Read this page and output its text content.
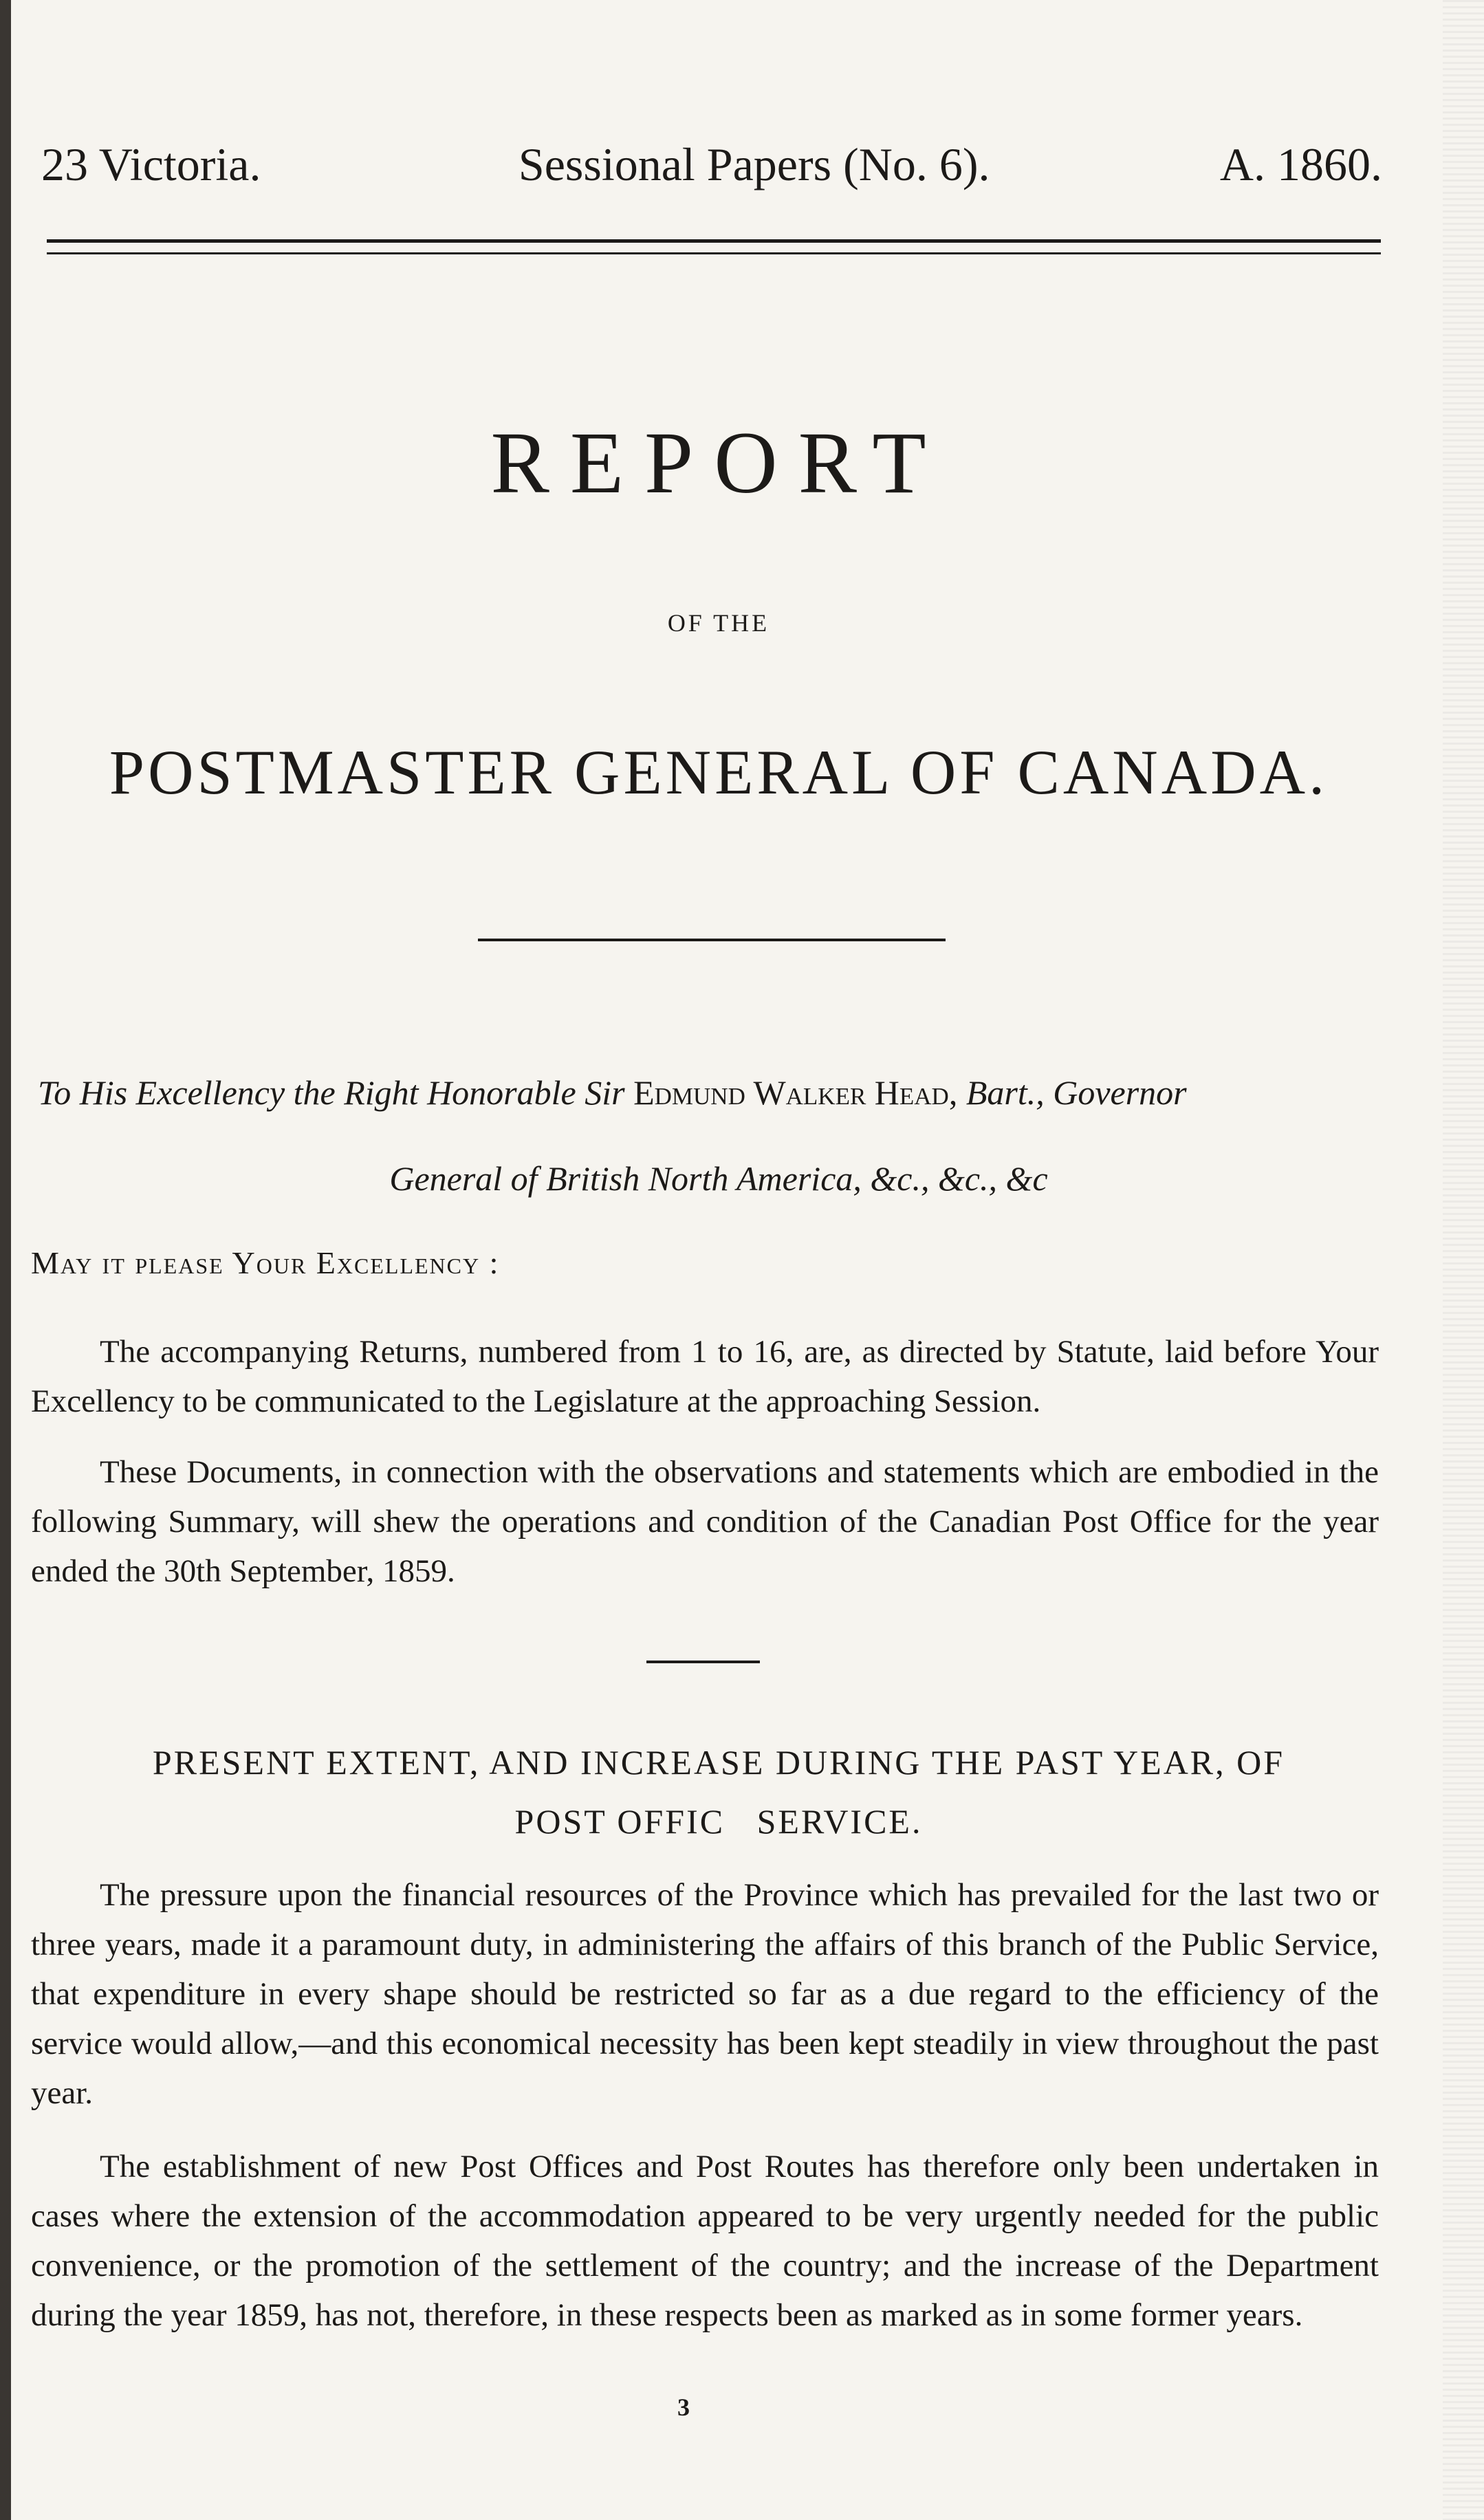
23 Victoria.	Sessional Papers (No. 6).	A. 1860.
REPORT
OF THE
POSTMASTER GENERAL OF CANADA.
To His Excellency the Right Honorable Sir Edmund Walker Head, Bart., Governor
General of British North America, &c., &c., &c
May it please Your Excellency :
The accompanying Returns, numbered from 1 to 16, are, as directed by Statute, laid before Your Excellency to be communicated to the Legislature at the approaching Session.
These Documents, in connection with the observations and statements which are embodied in the following Summary, will shew the operations and condition of the Canadian Post Office for the year ended the 30th September, 1859.
PRESENT EXTENT, AND INCREASE DURING THE PAST YEAR, OF
POST OFFIC   SERVICE.
The pressure upon the financial resources of the Province which has prevailed for the last two or three years, made it a paramount duty, in administering the affairs of this branch of the Public Service, that expenditure in every shape should be restricted so far as a due regard to the efficiency of the service would allow,—and this economical necessity has been kept steadily in view throughout the past year.
The establishment of new Post Offices and Post Routes has therefore only been undertaken in cases where the extension of the accommodation appeared to be very urgently needed for the public convenience, or the promotion of the settlement of the country; and the increase of the Department during the year 1859, has not, therefore, in these respects been as marked as in some former years.
3
